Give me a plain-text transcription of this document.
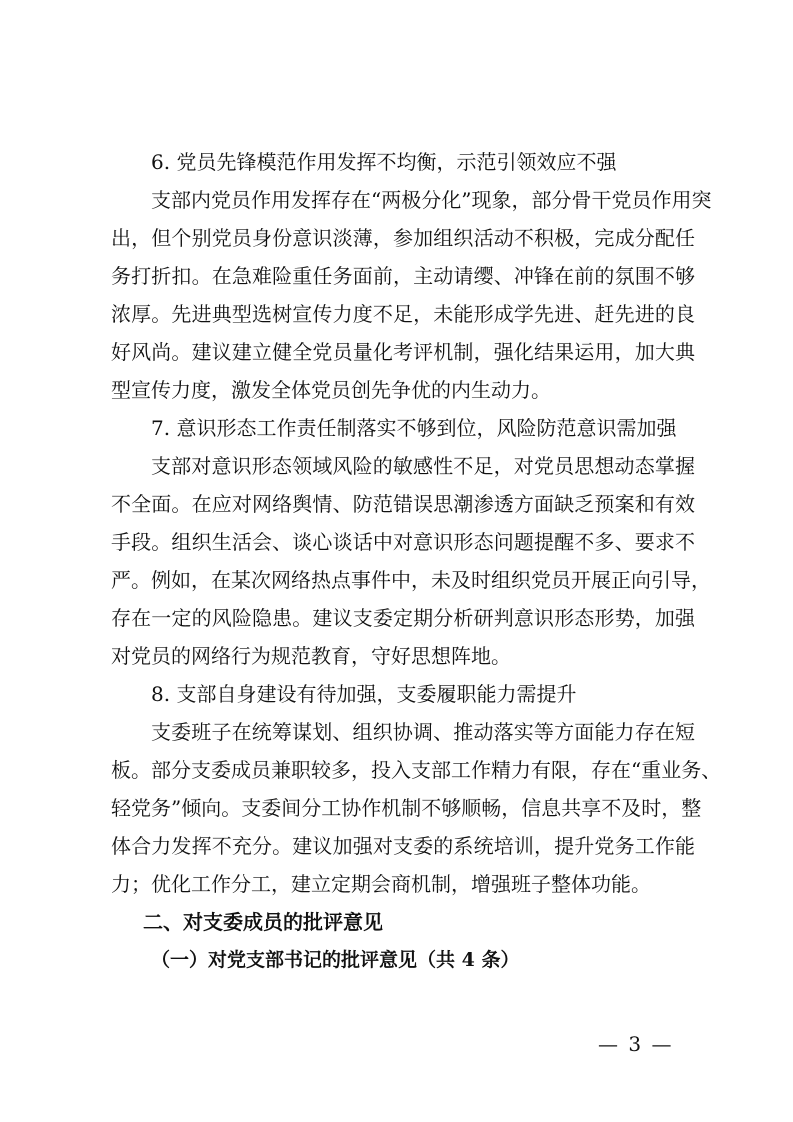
6. 党员先锋模范作用发挥不均衡，示范引领效应不强
支部内党员作用发挥存在“两极分化”现象，部分骨干党员作用突
出，但个别党员身份意识淡薄，参加组织活动不积极，完成分配任
务打折扣。在急难险重任务面前，主动请缨、冲锋在前的氛围不够
浓厚。先进典型选树宣传力度不足，未能形成学先进、赶先进的良
好风尚。建议建立健全党员量化考评机制，强化结果运用，加大典
型宣传力度，激发全体党员创先争优的内生动力。
7. 意识形态工作责任制落实不够到位，风险防范意识需加强
支部对意识形态领域风险的敏感性不足，对党员思想动态掌握
不全面。在应对网络舆情、防范错误思潮渗透方面缺乏预案和有效
手段。组织生活会、谈心谈话中对意识形态问题提醒不多、要求不
严。例如，在某次网络热点事件中，未及时组织党员开展正向引导，
存在一定的风险隐患。建议支委定期分析研判意识形态形势，加强
对党员的网络行为规范教育，守好思想阵地。
8. 支部自身建设有待加强，支委履职能力需提升
支委班子在统筹谋划、组织协调、推动落实等方面能力存在短
板。部分支委成员兼职较多，投入支部工作精力有限，存在“重业务、
轻党务”倾向。支委间分工协作机制不够顺畅，信息共享不及时，整
体合力发挥不充分。建议加强对支委的系统培训，提升党务工作能
力；优化工作分工，建立定期会商机制，增强班子整体功能。
二、对支委成员的批评意见
（一）对党支部书记的批评意见（共 4 条）
— 3 —
